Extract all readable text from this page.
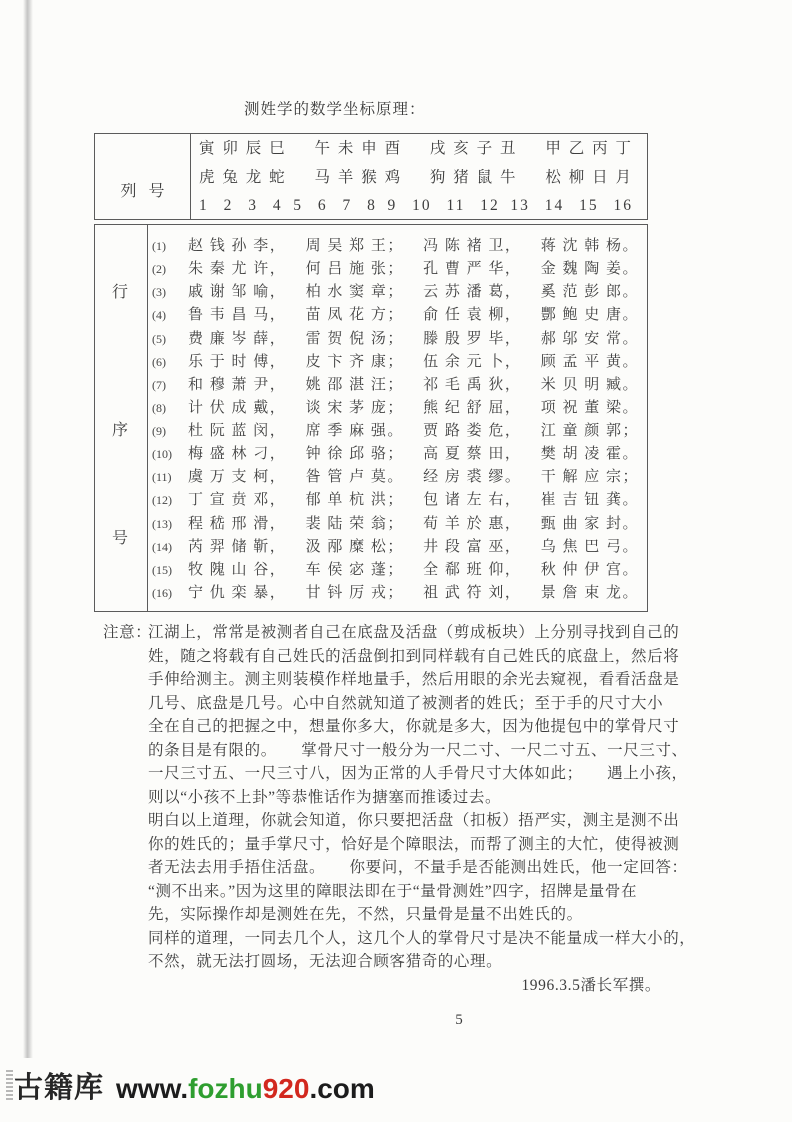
测姓学的数学坐标原理：
列   号
寅 卯 辰 巳 午 未 申 酉 戌 亥 子 丑 甲 乙 丙 丁
虎 兔 龙 蛇 马 羊 猴 鸡 狗 猪 鼠 牛 松 柳 日 月
1 2 3 4 5 6 7 8 9 10 11 12 13 14 15 16
行
序
号
(1)	赵 钱 孙 李， 周 吴 郑 王； 冯 陈 褚 卫， 蒋 沈 韩 杨。
(2)	朱 秦 尤 许， 何 吕 施 张； 孔 曹 严 华， 金 魏 陶 姜。
(3)	戚 谢 邹 喻， 柏 水 窦 章； 云 苏 潘 葛， 奚 范 彭 郎。
(4)	鲁 韦 昌 马， 苗 凤 花 方； 俞 任 袁 柳， 酆 鲍 史 唐。
(5)	费 廉 岑 薛， 雷 贺 倪 汤； 滕 殷 罗 毕， 郝 邬 安 常。
(6)	乐 于 时 傅， 皮 卞 齐 康； 伍 余 元 卜， 顾 孟 平 黄。
(7)	和 穆 萧 尹， 姚 邵 湛 汪； 祁 毛 禹 狄， 米 贝 明 臧。
(8)	计 伏 成 戴， 谈 宋 茅 庞； 熊 纪 舒 屈， 项 祝 董 梁。
(9)	杜 阮 蓝 闵， 席 季 麻 强。 贾 路 娄 危， 江 童 颜 郭；
(10)	梅 盛 林 刁， 钟 徐 邱 骆； 高 夏 蔡 田， 樊 胡 凌 霍。
(11)	虞 万 支 柯， 昝 管 卢 莫。 经 房 裘 缪。 干 解 应 宗；
(12)	丁 宣 贲 邓， 郁 单 杭 洪； 包 诸 左 右， 崔 吉 钮 龚。
(13)	程 嵇 邢 滑， 裴 陆 荣 翁； 荀 羊 於 惠， 甄 曲 家 封。
(14)	芮 羿 储 靳， 汲 邴 糜 松； 井 段 富 巫， 乌 焦 巴 弓。
(15)	牧 隗 山 谷， 车 侯 宓 蓬； 全 郗 班 仰， 秋 仲 伊 宫。
(16)	宁 仇 栾 暴， 甘 钭 厉 戎； 祖 武 符 刘， 景 詹 束 龙。
注意：
江湖上，常常是被测者自己在底盘及活盘（剪成板块）上分别寻找到自己的
姓，随之将载有自己姓氏的活盘倒扣到同样载有自己姓氏的底盘上，然后将
手伸给测主。测主则装模作样地量手，然后用眼的余光去窥视，看看活盘是
几号、底盘是几号。心中自然就知道了被测者的姓氏；至于手的尺寸大小
全在自己的把握之中，想量你多大，你就是多大，因为他提包中的掌骨尺寸
的条目是有限的。　　掌骨尺寸一般分为一尺二寸、一尺二寸五、一尺三寸、
一尺三寸五、一尺三寸八，因为正常的人手骨尺寸大体如此；　　遇上小孩，
则以“小孩不上卦”等恭惟话作为搪塞而推诿过去。
明白以上道理，你就会知道，你只要把活盘（扣板）捂严实，测主是测不出
你的姓氏的；量手掌尺寸，恰好是个障眼法，而帮了测主的大忙，使得被测
者无法去用手捂住活盘。　　你要问，不量手是否能测出姓氏，他一定回答：
“测不出来。”因为这里的障眼法即在于“量骨测姓”四字，招牌是量骨在
先，实际操作却是测姓在先，不然，只量骨是量不出姓氏的。
同样的道理，一同去几个人，这几个人的掌骨尺寸是决不能量成一样大小的，
不然，就无法打圆场，无法迎合顾客猎奇的心理。
1996.3.5潘长军撰。
5
古籍库 www.fozhu920.com
